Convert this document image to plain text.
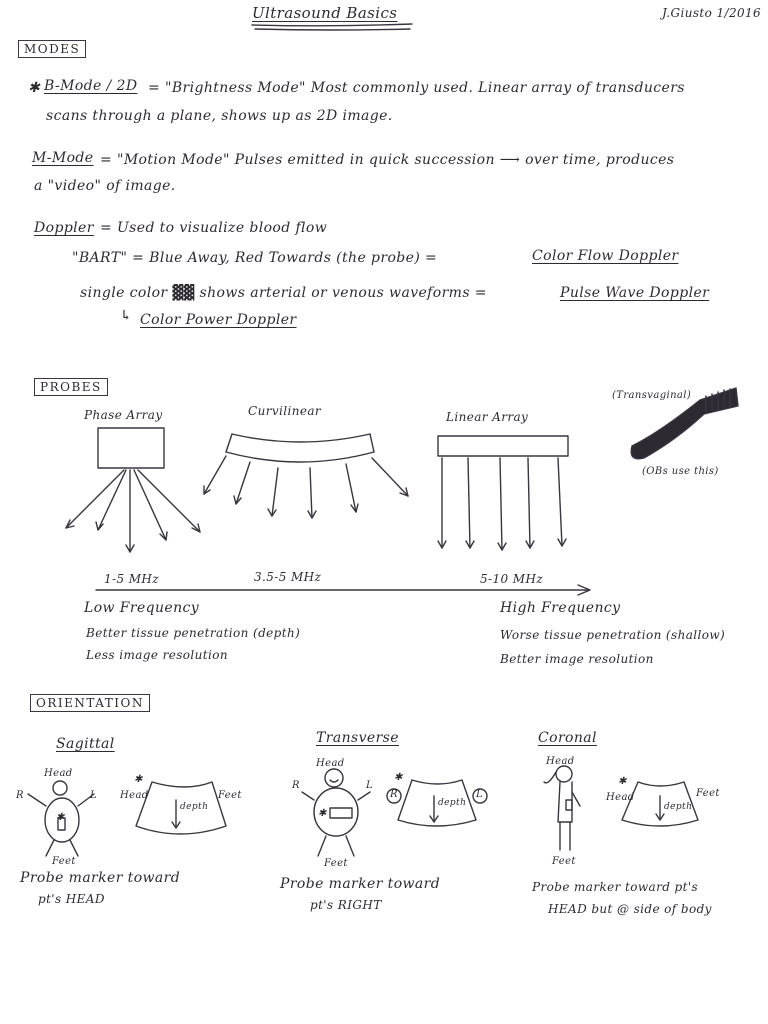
Ultrasound Basics	J.Giusto 1/2016
MODES
✱ B-Mode / 2D = "Brightness Mode" Most commonly used. Linear array of transducers
scans through a plane, shows up as 2D image.
M-Mode = "Motion Mode" Pulses emitted in quick succession ⟶ over time, produces
a "video" of image.
Doppler = Used to visualize blood flow
"BART" = Blue Away, Red Towards (the probe) =	Color Flow Doppler
single color ▓▓ shows arterial or venous waveforms =	Pulse Wave Doppler
↳ Color Power Doppler
PROBES
Phase Array	Curvilinear	Linear Array
(Transvaginal)
(OBs use this)
1-5 MHz	3.5-5 MHz	5-10 MHz
Low Frequency
Better tissue penetration (depth)
Less image resolution
High Frequency
Worse tissue penetration (shallow)
Better image resolution
ORIENTATION
Sagittal
Head
R	L
✱
Feet
✱
Head	Feet
depth
Probe marker toward
pt's HEAD
Transverse
Head
R	L
✱
Feet
✱
R	L
depth
Probe marker toward
pt's RIGHT
Coronal
Head
Feet
✱
Head	Feet
depth
Probe marker toward pt's
HEAD but @ side of body
